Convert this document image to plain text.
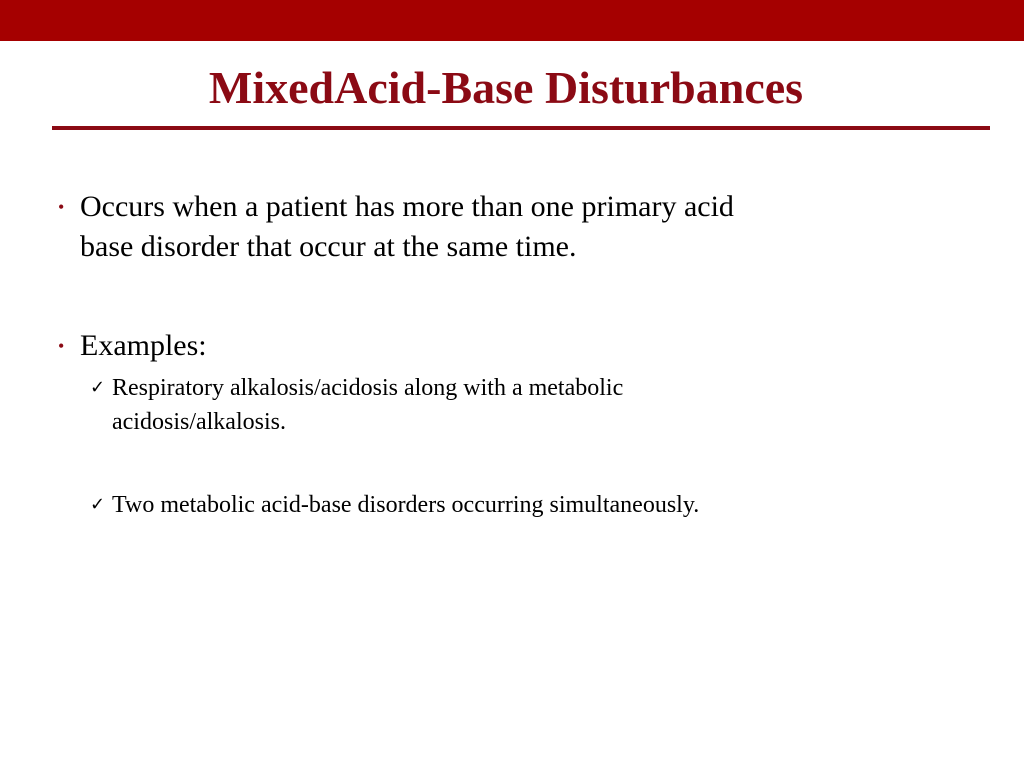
MixedAcid-Base Disturbances
• Occurs when a patient has more than one primary acid
base disorder that occur at the same time.
• Examples:
✓ Respiratory alkalosis/acidosis along with a metabolic
acidosis/alkalosis.
✓ Two metabolic acid-base disorders occurring simultaneously.
